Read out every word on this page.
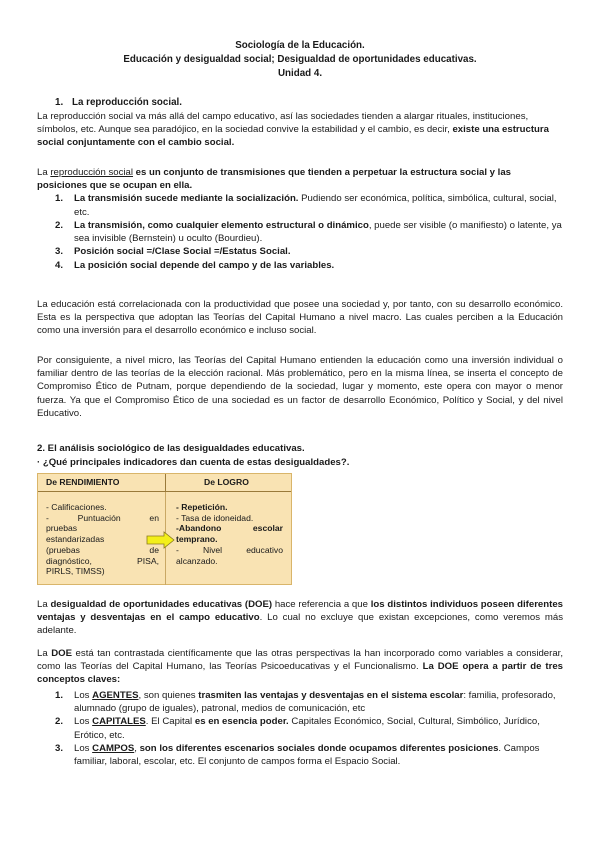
Sociología de la Educación.
Educación y desigualdad social; Desigualdad de oportunidades educativas.
Unidad 4.
1. La reproducción social.

La reproducción social va más allá del campo educativo, así las sociedades tienden a alargar rituales, instituciones, símbolos, etc. Aunque sea paradójico, en la sociedad convive la estabilidad y el cambio, es decir, existe una estructura social conjuntamente con el cambio social.

La reproducción social es un conjunto de transmisiones que tienden a perpetuar la estructura social y las posiciones que se ocupan en ella.

1. La transmisión sucede mediante la socialización. Pudiendo ser económica, política, simbólica, cultural, social, etc.
2. La transmisión, como cualquier elemento estructural o dinámico, puede ser visible (o manifiesto) o latente, ya sea invisible (Bernstein) u oculto (Bourdieu).
3. Posición social =/Clase Social =/Estatus Social.
4. La posición social depende del campo y de las variables.
La educación está correlacionada con la productividad que posee una sociedad y, por tanto, con su desarrollo económico. Esta es la perspectiva que adoptan las Teorías del Capital Humano a nivel macro. Las cuales perciben a la Educación como una inversión para el desarrollo económico e incluso social.
Por consiguiente, a nivel micro, las Teorías del Capital Humano entienden la educación como una inversión individual o familiar dentro de las teorías de la elección racional. Más problemático, pero en la misma línea, se inserta el concepto de Compromiso Ético de Putnam, porque dependiendo de la sociedad, lugar y momento, este opera con mayor o menor fuerza. Ya que el Compromiso Ético de una sociedad es un factor de desarrollo Económico, Político y Social, y del nivel Educativo.
2. El análisis sociológico de las desigualdades educativas.
· ¿Qué principales indicadores dan cuenta de estas desigualdades?.
De RENDIMIENTO	De LOGRO
- Calificaciones.
- Puntuación en
pruebas
estandarizadas
(pruebas de
diagnóstico, PISA,
PIRLS, TIMSS)
- Repetición.
- Tasa de idoneidad.
-Abandono escolar
temprano.
- Nivel educativo
alcanzado.
La desigualdad de oportunidades educativas (DOE) hace referencia a que los distintos individuos poseen diferentes ventajas y desventajas en el campo educativo. Lo cual no excluye que existan excepciones, como veremos más adelante.
La DOE está tan contrastada científicamente que las otras perspectivas la han incorporado como variables a considerar, como las Teorías del Capital Humano, las Teorías Psicoeducativas y el Funcionalismo. La DOE opera a partir de tres conceptos claves:
1. Los AGENTES, son quienes trasmiten las ventajas y desventajas en el sistema escolar: familia, profesorado, alumnado (grupo de iguales), patronal, medios de comunicación, etc
2. Los CAPITALES. El Capital es en esencia poder. Capitales Económico, Social, Cultural, Simbólico, Jurídico, Erótico, etc.
3. Los CAMPOS, son los diferentes escenarios sociales donde ocupamos diferentes posiciones. Campos familiar, laboral, escolar, etc. El conjunto de campos forma el Espacio Social.
